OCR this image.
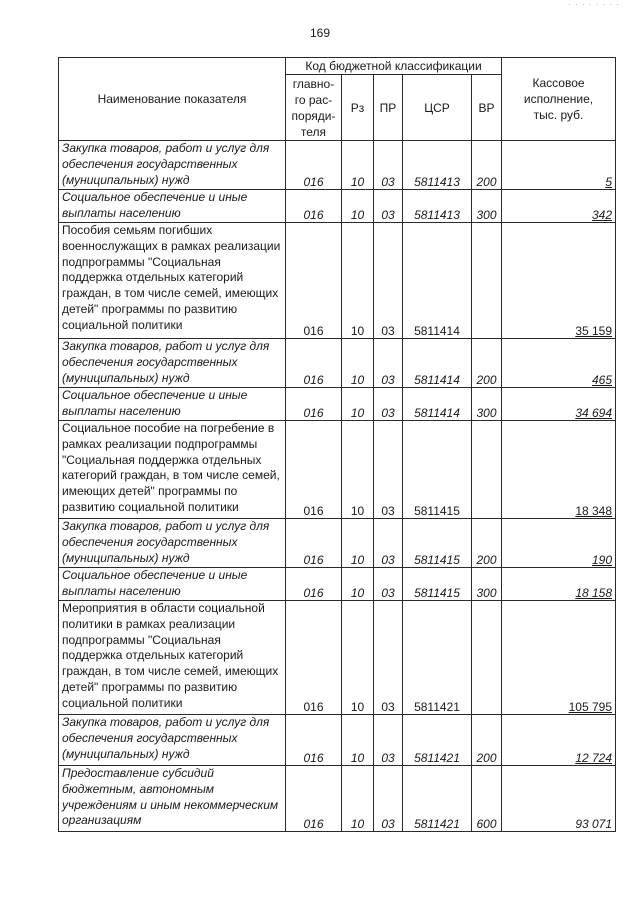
· · · · · · · ·
169
Наименование показателя	Код бюджетной классификации					Кассовое исполнение, тыс. руб.
	главно-го рас-поряди-теля	Рз	ПР	ЦСР	ВР	
Закупка товаров, работ и услуг для обеспечения государственных (муниципальных) нужд	016	10	03	5811413	200	5
Социальное обеспечение и иные выплаты населению	016	10	03	5811413	300	342
Пособия семьям погибших военнослужащих в рамках реализации подпрограммы "Социальная поддержка отдельных категорий граждан, в том числе семей, имеющих детей" программы по развитию социальной политики	016	10	03	5811414		35 159
Закупка товаров, работ и услуг для обеспечения государственных (муниципальных) нужд	016	10	03	5811414	200	465
Социальное обеспечение и иные выплаты населению	016	10	03	5811414	300	34 694
Социальное пособие на погребение в рамках реализации подпрограммы "Социальная поддержка отдельных категорий граждан, в том числе семей, имеющих детей" программы по развитию социальной политики	016	10	03	5811415		18 348
Закупка товаров, работ и услуг для обеспечения государственных (муниципальных) нужд	016	10	03	5811415	200	190
Социальное обеспечение и иные выплаты населению	016	10	03	5811415	300	18 158
Мероприятия в области социальной политики в рамках реализации подпрограммы "Социальная поддержка отдельных категорий граждан, в том числе семей, имеющих детей" программы по развитию социальной политики	016	10	03	5811421		105 795
Закупка товаров, работ и услуг для обеспечения государственных (муниципальных) нужд	016	10	03	5811421	200	12 724
Предоставление субсидий бюджетным, автономным учреждениям и иным некоммерческим организациям	016	10	03	5811421	600	93 071
